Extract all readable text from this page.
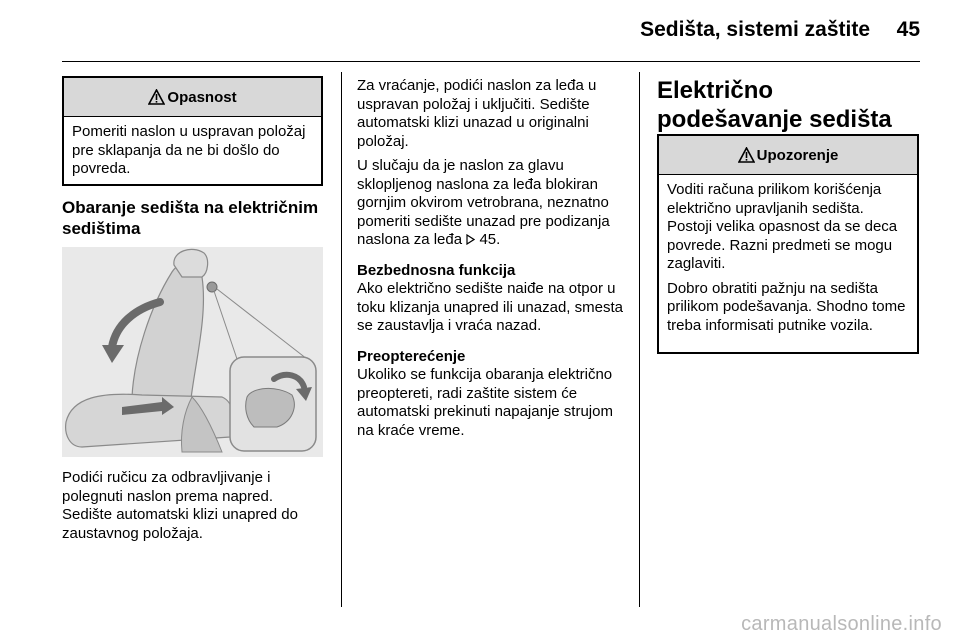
Sedišta, sistemi zaštite 45
Opasnost

Pomeriti naslon u uspravan položaj pre sklapanja da ne bi došlo do povreda.

Obaranje sedišta na električnim sedištima

Podići ručicu za odbravljivanje i polegnuti naslon prema napred. Sedište automatski klizi unapred do zaustavnog položaja.

Za vraćanje, podići naslon za leđa u uspravan položaj i uključiti. Sedište automatski klizi unazad u originalni položaj.

U slučaju da je naslon za glavu sklopljenog naslona za leđa blokiran gornjim okvirom vetrobrana, neznatno pomeriti sedište unazad pre podizanja naslona za leđa 45.

Bezbednosna funkcija

Ako električno sedište naiđe na otpor u toku klizanja unapred ili unazad, smesta se zaustavlja i vraća nazad.

Preopterećenje

Ukoliko se funkcija obaranja električno preoptereti, radi zaštite sistem će automatski prekinuti napajanje strujom na kraće vreme.

Električno podešavanje sedišta
Upozorenje

Voditi računa prilikom korišćenja električno upravljanih sedišta. Postoji velika opasnost da se deca povrede. Razni predmeti se mogu zaglaviti.

Dobro obratiti pažnju na sedišta prilikom podešavanja. Shodno tome treba informisati putnike vozila.

carmanualsonline.info
